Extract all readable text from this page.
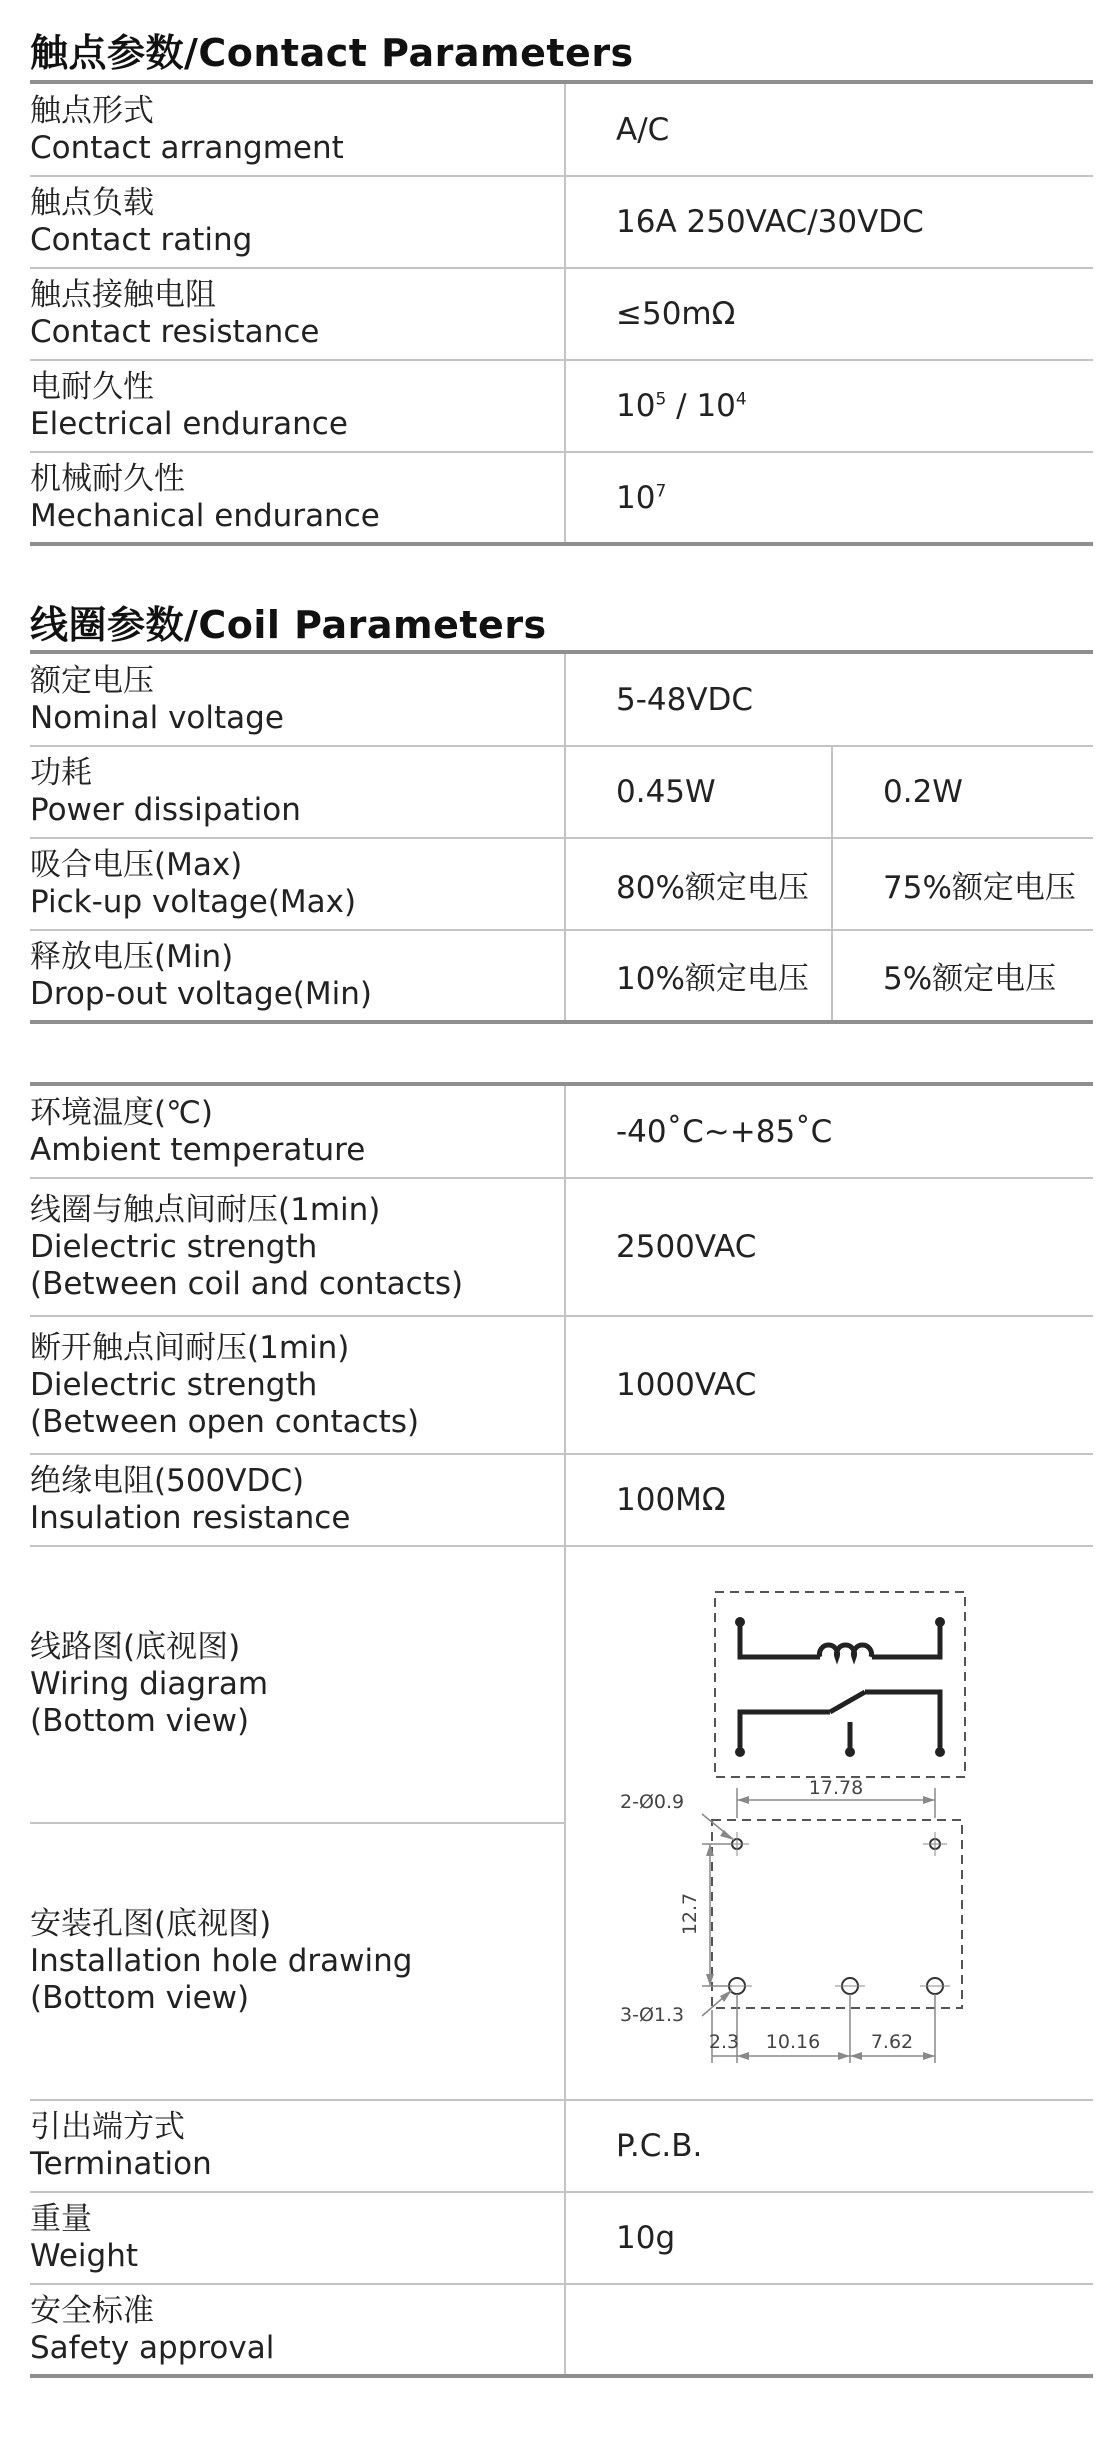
触点参数/Contact Parameters
触点形式
Contact arrangment	A/C

触点负载
Contact rating	16A 250VAC/30VDC

触点接触电阻
Contact resistance	≤50mΩ

电耐久性
Electrical endurance	$10^5 / 10^4$

机械耐久性
Mechanical endurance	$10^7$
线圈参数/Coil Parameters
额定电压
Nominal voltage	5-48VDC	

功耗
Power dissipation	0.45W	0.2W

吸合电压(Max)
Pick-up voltage(Max)	80%额定电压	75%额定电压

释放电压(Min)
Drop-out voltage(Min)	10%额定电压	5%额定电压
环境温度(℃)
Ambient temperature	-40˚C~+85˚C

线圈与触点间耐压(1min)
Dielectric strength
(Between coil and contacts)	2500VAC

断开触点间耐压(1min)
Dielectric strength
(Between open contacts)	1000VAC

绝缘电阻(500VDC)
Insulation resistance	100MΩ

线路图(底视图)
Wiring diagram
(Bottom view)	

安装孔图(底视图)
Installation hole drawing
(Bottom view)	

引出端方式
Termination	P.C.B.

重量
Weight	10g

安全标准
Safety approval	

17.78
12.7
2-Ø0.9
3-Ø1.3
2.3 10.16	7.62
